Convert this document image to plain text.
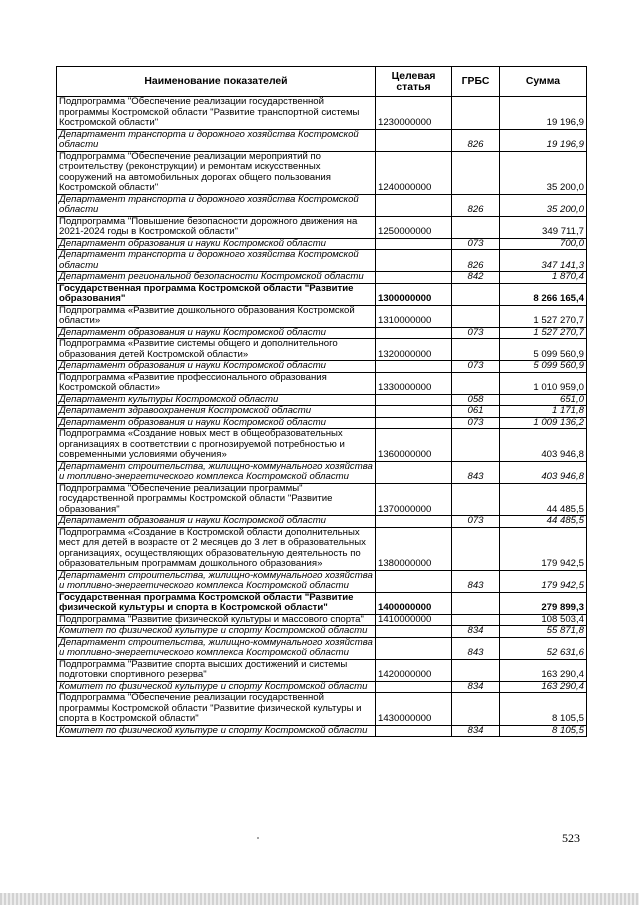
Наименование показателей	Целевая статья	ГРБС	Сумма
Подпрограмма "Обеспечение реализации государственной программы Костромской области "Развитие транспортной системы Костромской области"	1230000000		19 196,9
Департамент транспорта и дорожного хозяйства Костромской области		826	19 196,9
Подпрограмма "Обеспечение реализации мероприятий по строительству (реконструкции) и ремонтам искусственных сооружений на автомобильных дорогах общего пользования Костромской области"	1240000000		35 200,0
Департамент транспорта и дорожного хозяйства Костромской области		826	35 200,0
Подпрограмма "Повышение безопасности дорожного движения на 2021-2024 годы в Костромской области"	1250000000		349 711,7
Департамент образования и науки Костромской области		073	700,0
Департамент транспорта и дорожного хозяйства Костромской области		826	347 141,3
Департамент региональной безопасности Костромской области		842	1 870,4
Государственная программа Костромской области "Развитие образования"	1300000000		8 266 165,4
Подпрограмма «Развитие дошкольного образования Костромской области»	1310000000		1 527 270,7
Департамент образования и науки Костромской области		073	1 527 270,7
Подпрограмма «Развитие системы общего и дополнительного образования детей Костромской области»	1320000000		5 099 560,9
Департамент образования и науки Костромской области		073	5 099 560,9
Подпрограмма «Развитие профессионального образования Костромской области»	1330000000		1 010 959,0
Департамент культуры Костромской области		058	651,0
Департамент здравоохранения Костромской области		061	1 171,8
Департамент образования и науки Костромской области		073	1 009 136,2
Подпрограмма «Создание новых мест в общеобразовательных организациях в соответствии с прогнозируемой потребностью и современными условиями обучения»	1360000000		403 946,8
Департамент строительства, жилищно-коммунального хозяйства и топливно-энергетического комплекса Костромской области		843	403 946,8
Подпрограмма "Обеспечение реализации программы" государственной программы Костромской области "Развитие образования"	1370000000		44 485,5
Департамент образования и науки Костромской области		073	44 485,5
Подпрограмма «Создание в Костромской области дополнительных мест для детей в возрасте от 2 месяцев до 3 лет в образовательных организациях, осуществляющих образовательную деятельность по образовательным программам дошкольного образования»	1380000000		179 942,5
Департамент строительства, жилищно-коммунального хозяйства и топливно-энергетического комплекса Костромской области		843	179 942,5
Государственная программа Костромской области "Развитие физической культуры и спорта в Костромской области"	1400000000		279 899,3
Подпрограмма "Развитие физической культуры и массового спорта"	1410000000		108 503,4
Комитет по физической культуре и спорту Костромской области		834	55 871,8
Департамент строительства, жилищно-коммунального хозяйства и топливно-энергетического комплекса Костромской области		843	52 631,6
Подпрограмма "Развитие спорта высших достижений и системы подготовки спортивного резерва"	1420000000		163 290,4
Комитет по физической культуре и спорту Костромской области		834	163 290,4
Подпрограмма "Обеспечение реализации государственной программы Костромской области "Развитие физической культуры и спорта в Костромской области"	1430000000		8 105,5
Комитет по физической культуре и спорту Костромской области		834	8 105,5
523
